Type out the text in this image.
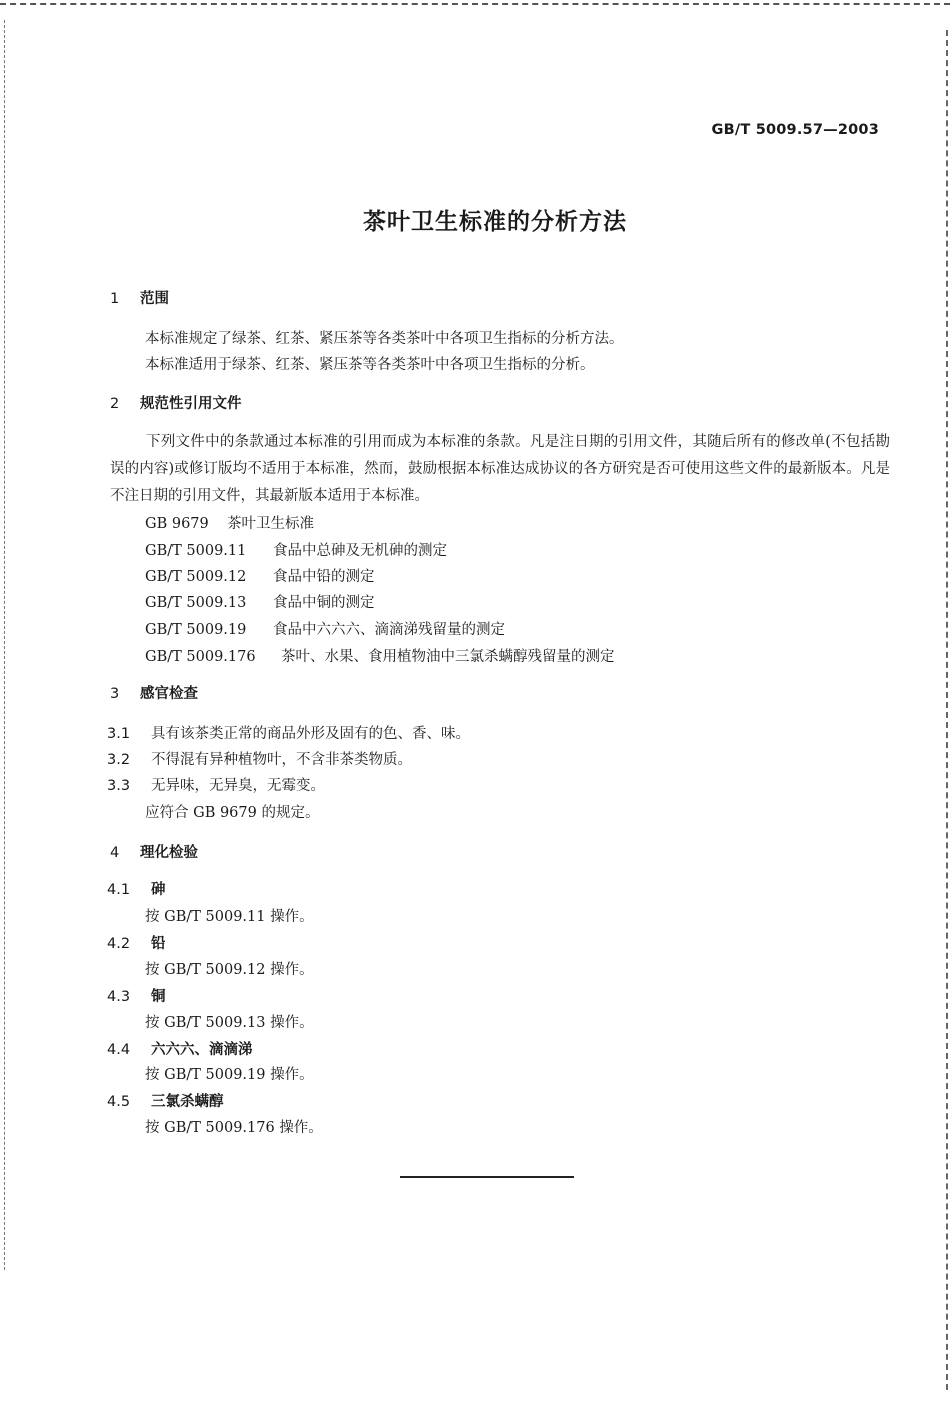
GB/T 5009.57—2003
茶叶卫生标准的分析方法
1 范围
本标准规定了绿茶、红茶、紧压茶等各类茶叶中各项卫生指标的分析方法。
本标准适用于绿茶、红茶、紧压茶等各类茶叶中各项卫生指标的分析。
2 规范性引用文件
下列文件中的条款通过本标准的引用而成为本标准的条款。凡是注日期的引用文件，其随后所有的修改单(不包括勘误的内容)或修订版均不适用于本标准，然而，鼓励根据本标准达成协议的各方研究是否可使用这些文件的最新版本。凡是不注日期的引用文件，其最新版本适用于本标准。
GB 9679 茶叶卫生标准
GB/T 5009.11 食品中总砷及无机砷的测定
GB/T 5009.12 食品中铅的测定
GB/T 5009.13 食品中铜的测定
GB/T 5009.19 食品中六六六、滴滴涕残留量的测定
GB/T 5009.176 茶叶、水果、食用植物油中三氯杀螨醇残留量的测定
3 感官检查
3.1 具有该茶类正常的商品外形及固有的色、香、味。
3.2 不得混有异种植物叶，不含非茶类物质。
3.3 无异味，无异臭，无霉变。
应符合 GB 9679 的规定。
4 理化检验
4.1 砷
按 GB/T 5009.11 操作。
4.2 铅
按 GB/T 5009.12 操作。
4.3 铜
按 GB/T 5009.13 操作。
4.4 六六六、滴滴涕
按 GB/T 5009.19 操作。
4.5 三氯杀螨醇
按 GB/T 5009.176 操作。
